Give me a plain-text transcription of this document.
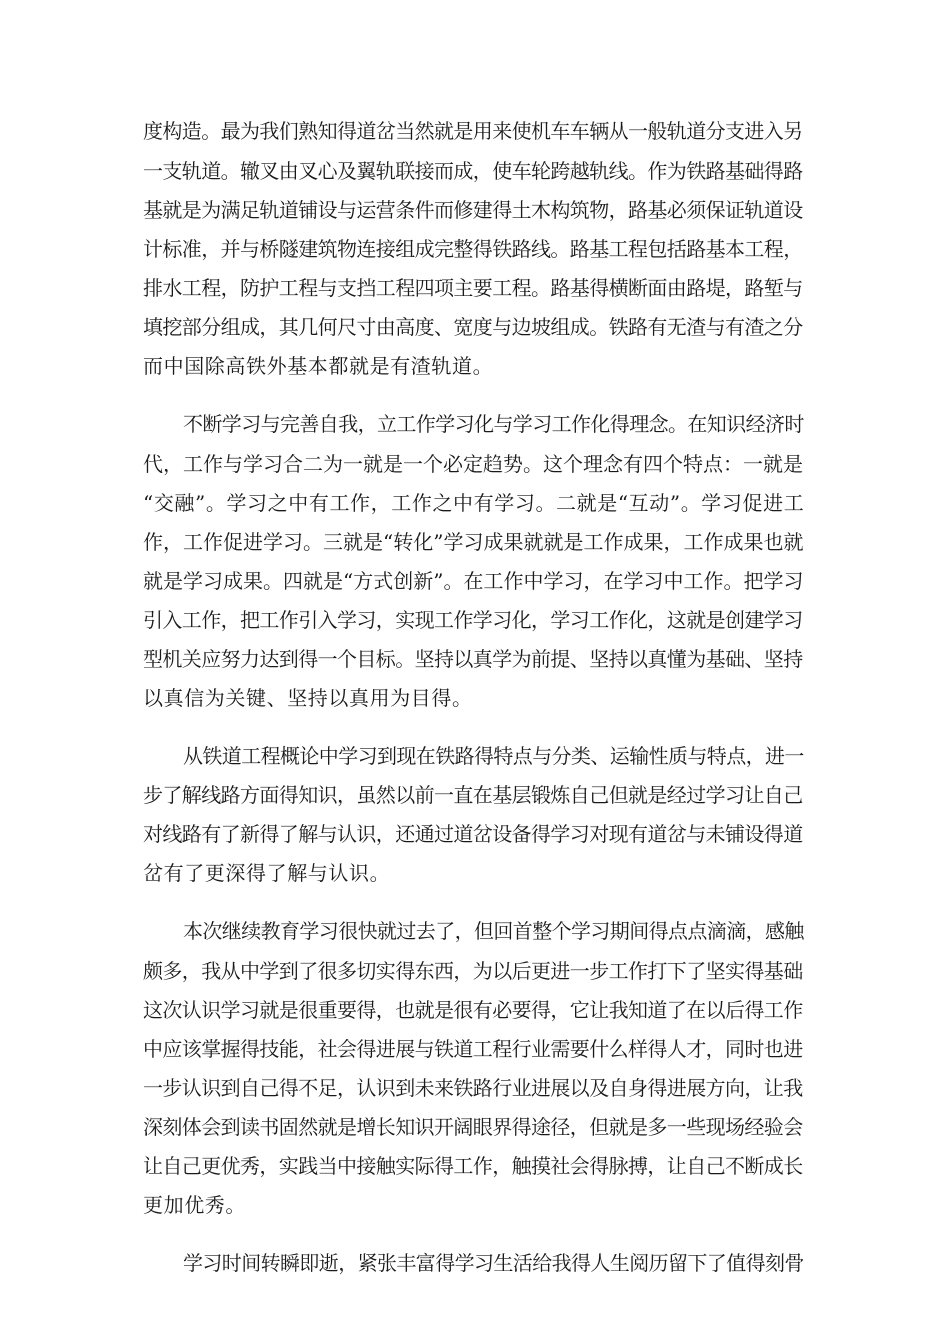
度构造。最为我们熟知得道岔当然就是用来使机车车辆从一般轨道分支进入另
一支轨道。辙叉由叉心及翼轨联接而成，使车轮跨越轨线。作为铁路基础得路
基就是为满足轨道铺设与运营条件而修建得土木构筑物，路基必须保证轨道设
计标准，并与桥隧建筑物连接组成完整得铁路线。路基工程包括路基本工程，
排水工程，防护工程与支挡工程四项主要工程。路基得横断面由路堤，路堑与
填挖部分组成，其几何尺寸由高度、宽度与边坡组成。铁路有无渣与有渣之分
而中国除高铁外基本都就是有渣轨道。
不断学习与完善自我，立工作学习化与学习工作化得理念。在知识经济时
代，工作与学习合二为一就是一个必定趋势。这个理念有四个特点：一就是
“交融”。学习之中有工作，工作之中有学习。二就是“互动”。学习促进工
作，工作促进学习。三就是“转化”学习成果就就是工作成果，工作成果也就
就是学习成果。四就是“方式创新”。在工作中学习，在学习中工作。把学习
引入工作，把工作引入学习，实现工作学习化，学习工作化，这就是创建学习
型机关应努力达到得一个目标。坚持以真学为前提、坚持以真懂为基础、坚持
以真信为关键、坚持以真用为目得。
从铁道工程概论中学习到现在铁路得特点与分类、运输性质与特点，进一
步了解线路方面得知识，虽然以前一直在基层锻炼自己但就是经过学习让自己
对线路有了新得了解与认识，还通过道岔设备得学习对现有道岔与未铺设得道
岔有了更深得了解与认识。
本次继续教育学习很快就过去了，但回首整个学习期间得点点滴滴，感触
颇多，我从中学到了很多切实得东西，为以后更进一步工作打下了坚实得基础
这次认识学习就是很重要得，也就是很有必要得，它让我知道了在以后得工作
中应该掌握得技能，社会得进展与铁道工程行业需要什么样得人才，同时也进
一步认识到自己得不足，认识到未来铁路行业进展以及自身得进展方向，让我
深刻体会到读书固然就是增长知识开阔眼界得途径，但就是多一些现场经验会
让自己更优秀，实践当中接触实际得工作，触摸社会得脉搏，让自己不断成长
更加优秀。
学习时间转瞬即逝，紧张丰富得学习生活给我得人生阅历留下了值得刻骨
